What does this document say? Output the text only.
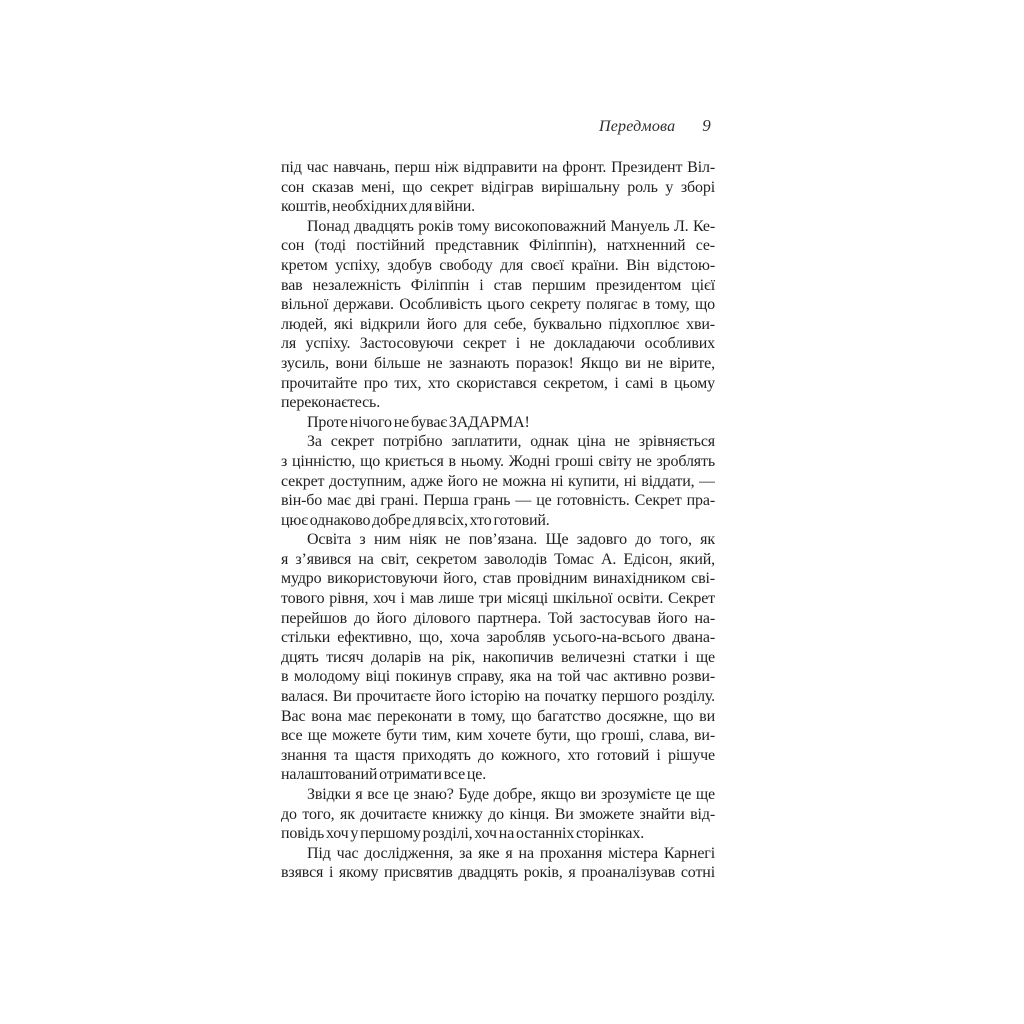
Передмова 9
під час навчань, перш ніж відправити на фронт. Президент Віл-
сон сказав мені, що секрет відіграв вирішальну роль у зборі
коштів, необхідних для війни.
Понад двадцять років тому високоповажний Мануель Л. Ке-
сон (тоді постійний представник Філіппін), натхненний се-
кретом успіху, здобув свободу для своєї країни. Він відстою-
вав незалежність Філіппін і став першим президентом цієї
вільної держави. Особливість цього секрету полягає в тому, що
людей, які відкрили його для себе, буквально підхоплює хви-
ля успіху. Застосовуючи секрет і не докладаючи особливих
зусиль, вони більше не зазнають поразок! Якщо ви не вірите,
прочитайте про тих, хто скористався секретом, і самі в цьому
переконаєтесь.
Проте нічого не буває ЗАДАРМА!
За секрет потрібно заплатити, однак ціна не зрівняється
з цінністю, що криється в ньому. Жодні гроші світу не зроблять
секрет доступним, адже його не можна ні купити, ні віддати, —
він-бо має дві грані. Перша грань — це готовність. Секрет пра-
цює однаково добре для всіх, хто готовий.
Освіта з ним ніяк не пов’язана. Ще задовго до того, як
я з’явився на світ, секретом заволодів Томас А. Едісон, який,
мудро використовуючи його, став провідним винахідником сві-
тового рівня, хоч і мав лише три місяці шкільної освіти. Секрет
перейшов до його ділового партнера. Той застосував його на-
стільки ефективно, що, хоча заробляв усього-на-всього двана-
дцять тисяч доларів на рік, накопичив величезні статки і ще
в молодому віці покинув справу, яка на той час активно розви-
валася. Ви прочитаєте його історію на початку першого розділу.
Вас вона має переконати в тому, що багатство досяжне, що ви
все ще можете бути тим, ким хочете бути, що гроші, слава, ви-
знання та щастя приходять до кожного, хто готовий і рішуче
налаштований отримати все це.
Звідки я все це знаю? Буде добре, якщо ви зрозумієте це ще
до того, як дочитаєте книжку до кінця. Ви зможете знайти від-
повідь хоч у першому розділі, хоч на останніх сторінках.
Під час дослідження, за яке я на прохання містера Карнегі
взявся і якому присвятив двадцять років, я проаналізував сотні
